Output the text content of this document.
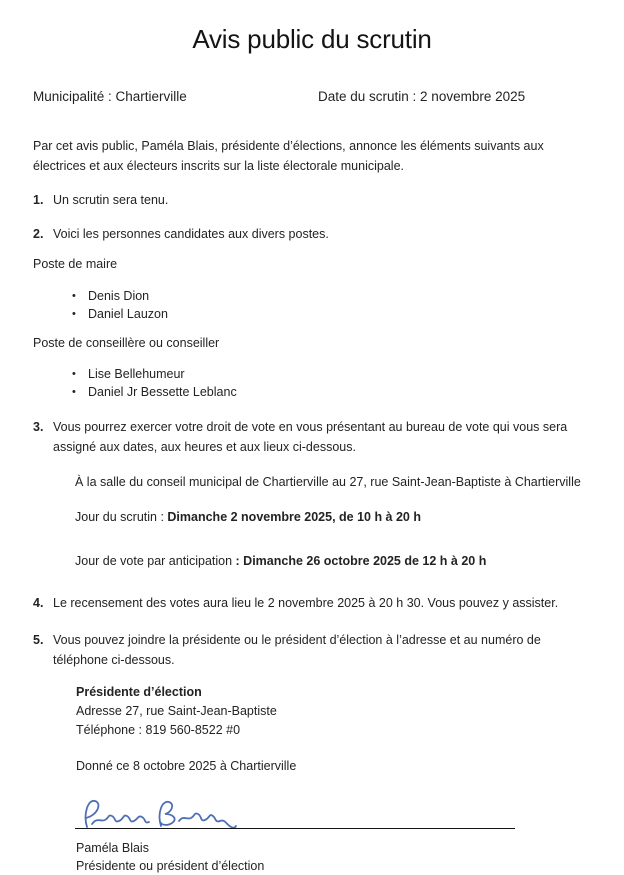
Avis public du scrutin
Municipalité : Chartierville	Date du scrutin : 2 novembre 2025

Par cet avis public, Paméla Blais, présidente d’élections, annonce les éléments suivants aux électrices et aux électeurs inscrits sur la liste électorale municipale.

1. Un scrutin sera tenu.
2. Voici les personnes candidates aux divers postes.

Poste de maire

• Denis Dion
• Daniel Lauzon

Poste de conseillère ou conseiller

• Lise Bellehumeur
• Daniel Jr Bessette Leblanc
3. Vous pourrez exercer votre droit de vote en vous présentant au bureau de vote qui vous sera assigné aux dates, aux heures et aux lieux ci-dessous.

À la salle du conseil municipal de Chartierville au 27, rue Saint-Jean-Baptiste à Chartierville

Jour du scrutin : Dimanche 2 novembre 2025, de 10 h à 20 h

Jour de vote par anticipation : Dimanche 26 octobre 2025 de 12 h à 20 h

4. Le recensement des votes aura lieu le 2 novembre 2025 à 20 h 30. Vous pouvez y assister.
5. Vous pouvez joindre la présidente ou le président d’élection à l’adresse et au numéro de téléphone ci-dessous.
Présidente d’élection
Adresse 27, rue Saint-Jean-Baptiste
Téléphone : 819 560-8522 #0

Donné ce 8 octobre 2025 à Chartierville

Paméla Blais
Présidente ou président d’élection
